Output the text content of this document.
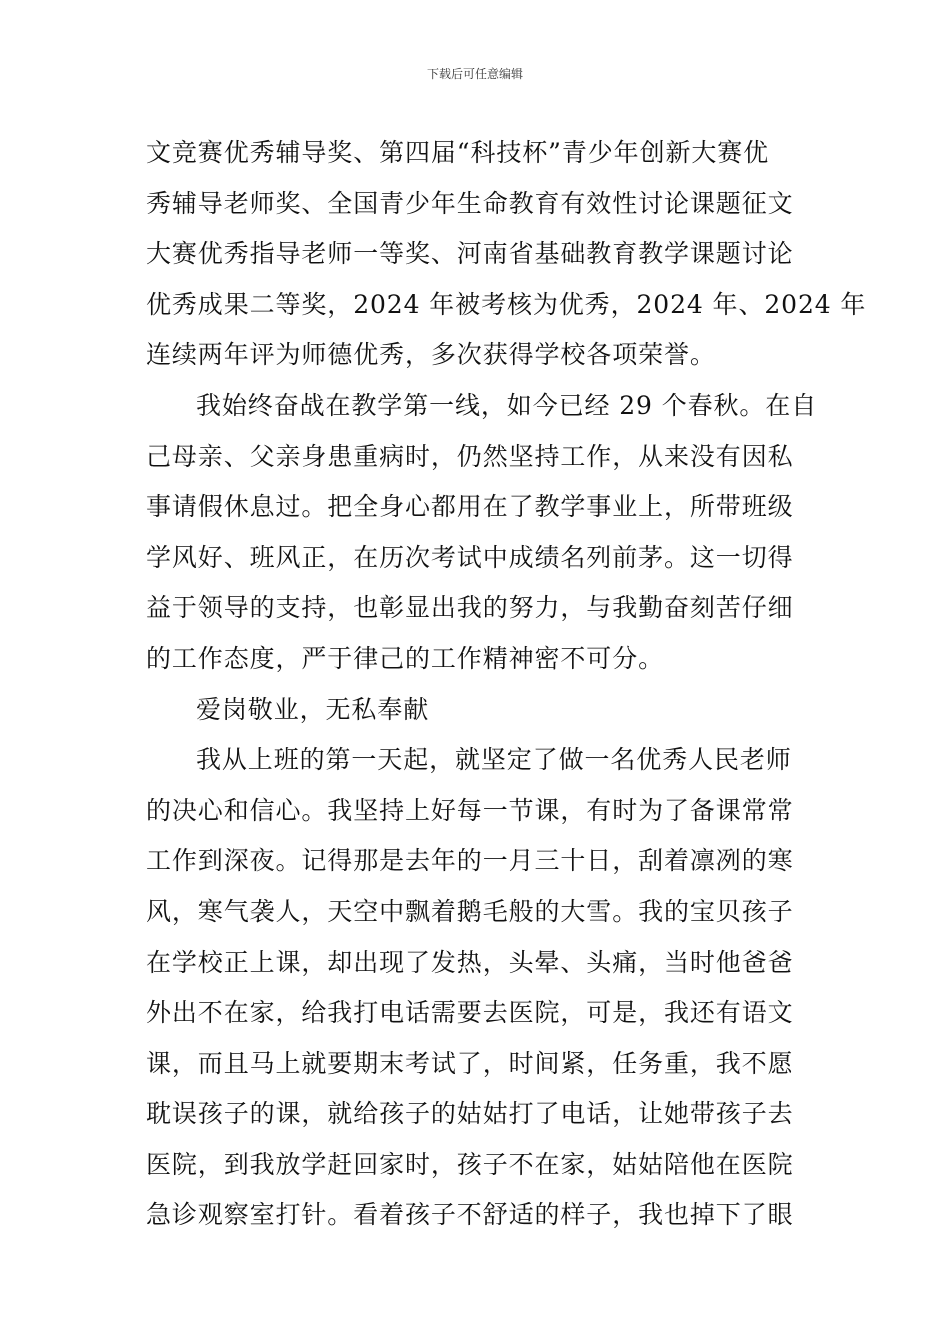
下载后可任意编辑
文竞赛优秀辅导奖、第四届“科技杯”青少年创新大赛优
秀辅导老师奖、全国青少年生命教育有效性讨论课题征文
大赛优秀指导老师一等奖、河南省基础教育教学课题讨论
优秀成果二等奖，2024 年被考核为优秀，2024 年、2024 年
连续两年评为师德优秀，多次获得学校各项荣誉。
我始终奋战在教学第一线，如今已经 29 个春秋。在自
己母亲、父亲身患重病时，仍然坚持工作，从来没有因私
事请假休息过。把全身心都用在了教学事业上，所带班级
学风好、班风正，在历次考试中成绩名列前茅。这一切得
益于领导的支持，也彰显出我的努力，与我勤奋刻苦仔细
的工作态度，严于律己的工作精神密不可分。
爱岗敬业，无私奉献
我从上班的第一天起，就坚定了做一名优秀人民老师
的决心和信心。我坚持上好每一节课，有时为了备课常常
工作到深夜。记得那是去年的一月三十日，刮着凛冽的寒
风，寒气袭人，天空中飘着鹅毛般的大雪。我的宝贝孩子
在学校正上课，却出现了发热，头晕、头痛，当时他爸爸
外出不在家，给我打电话需要去医院，可是，我还有语文
课，而且马上就要期末考试了，时间紧，任务重，我不愿
耽误孩子的课，就给孩子的姑姑打了电话，让她带孩子去
医院，到我放学赶回家时，孩子不在家，姑姑陪他在医院
急诊观察室打针。看着孩子不舒适的样子，我也掉下了眼
